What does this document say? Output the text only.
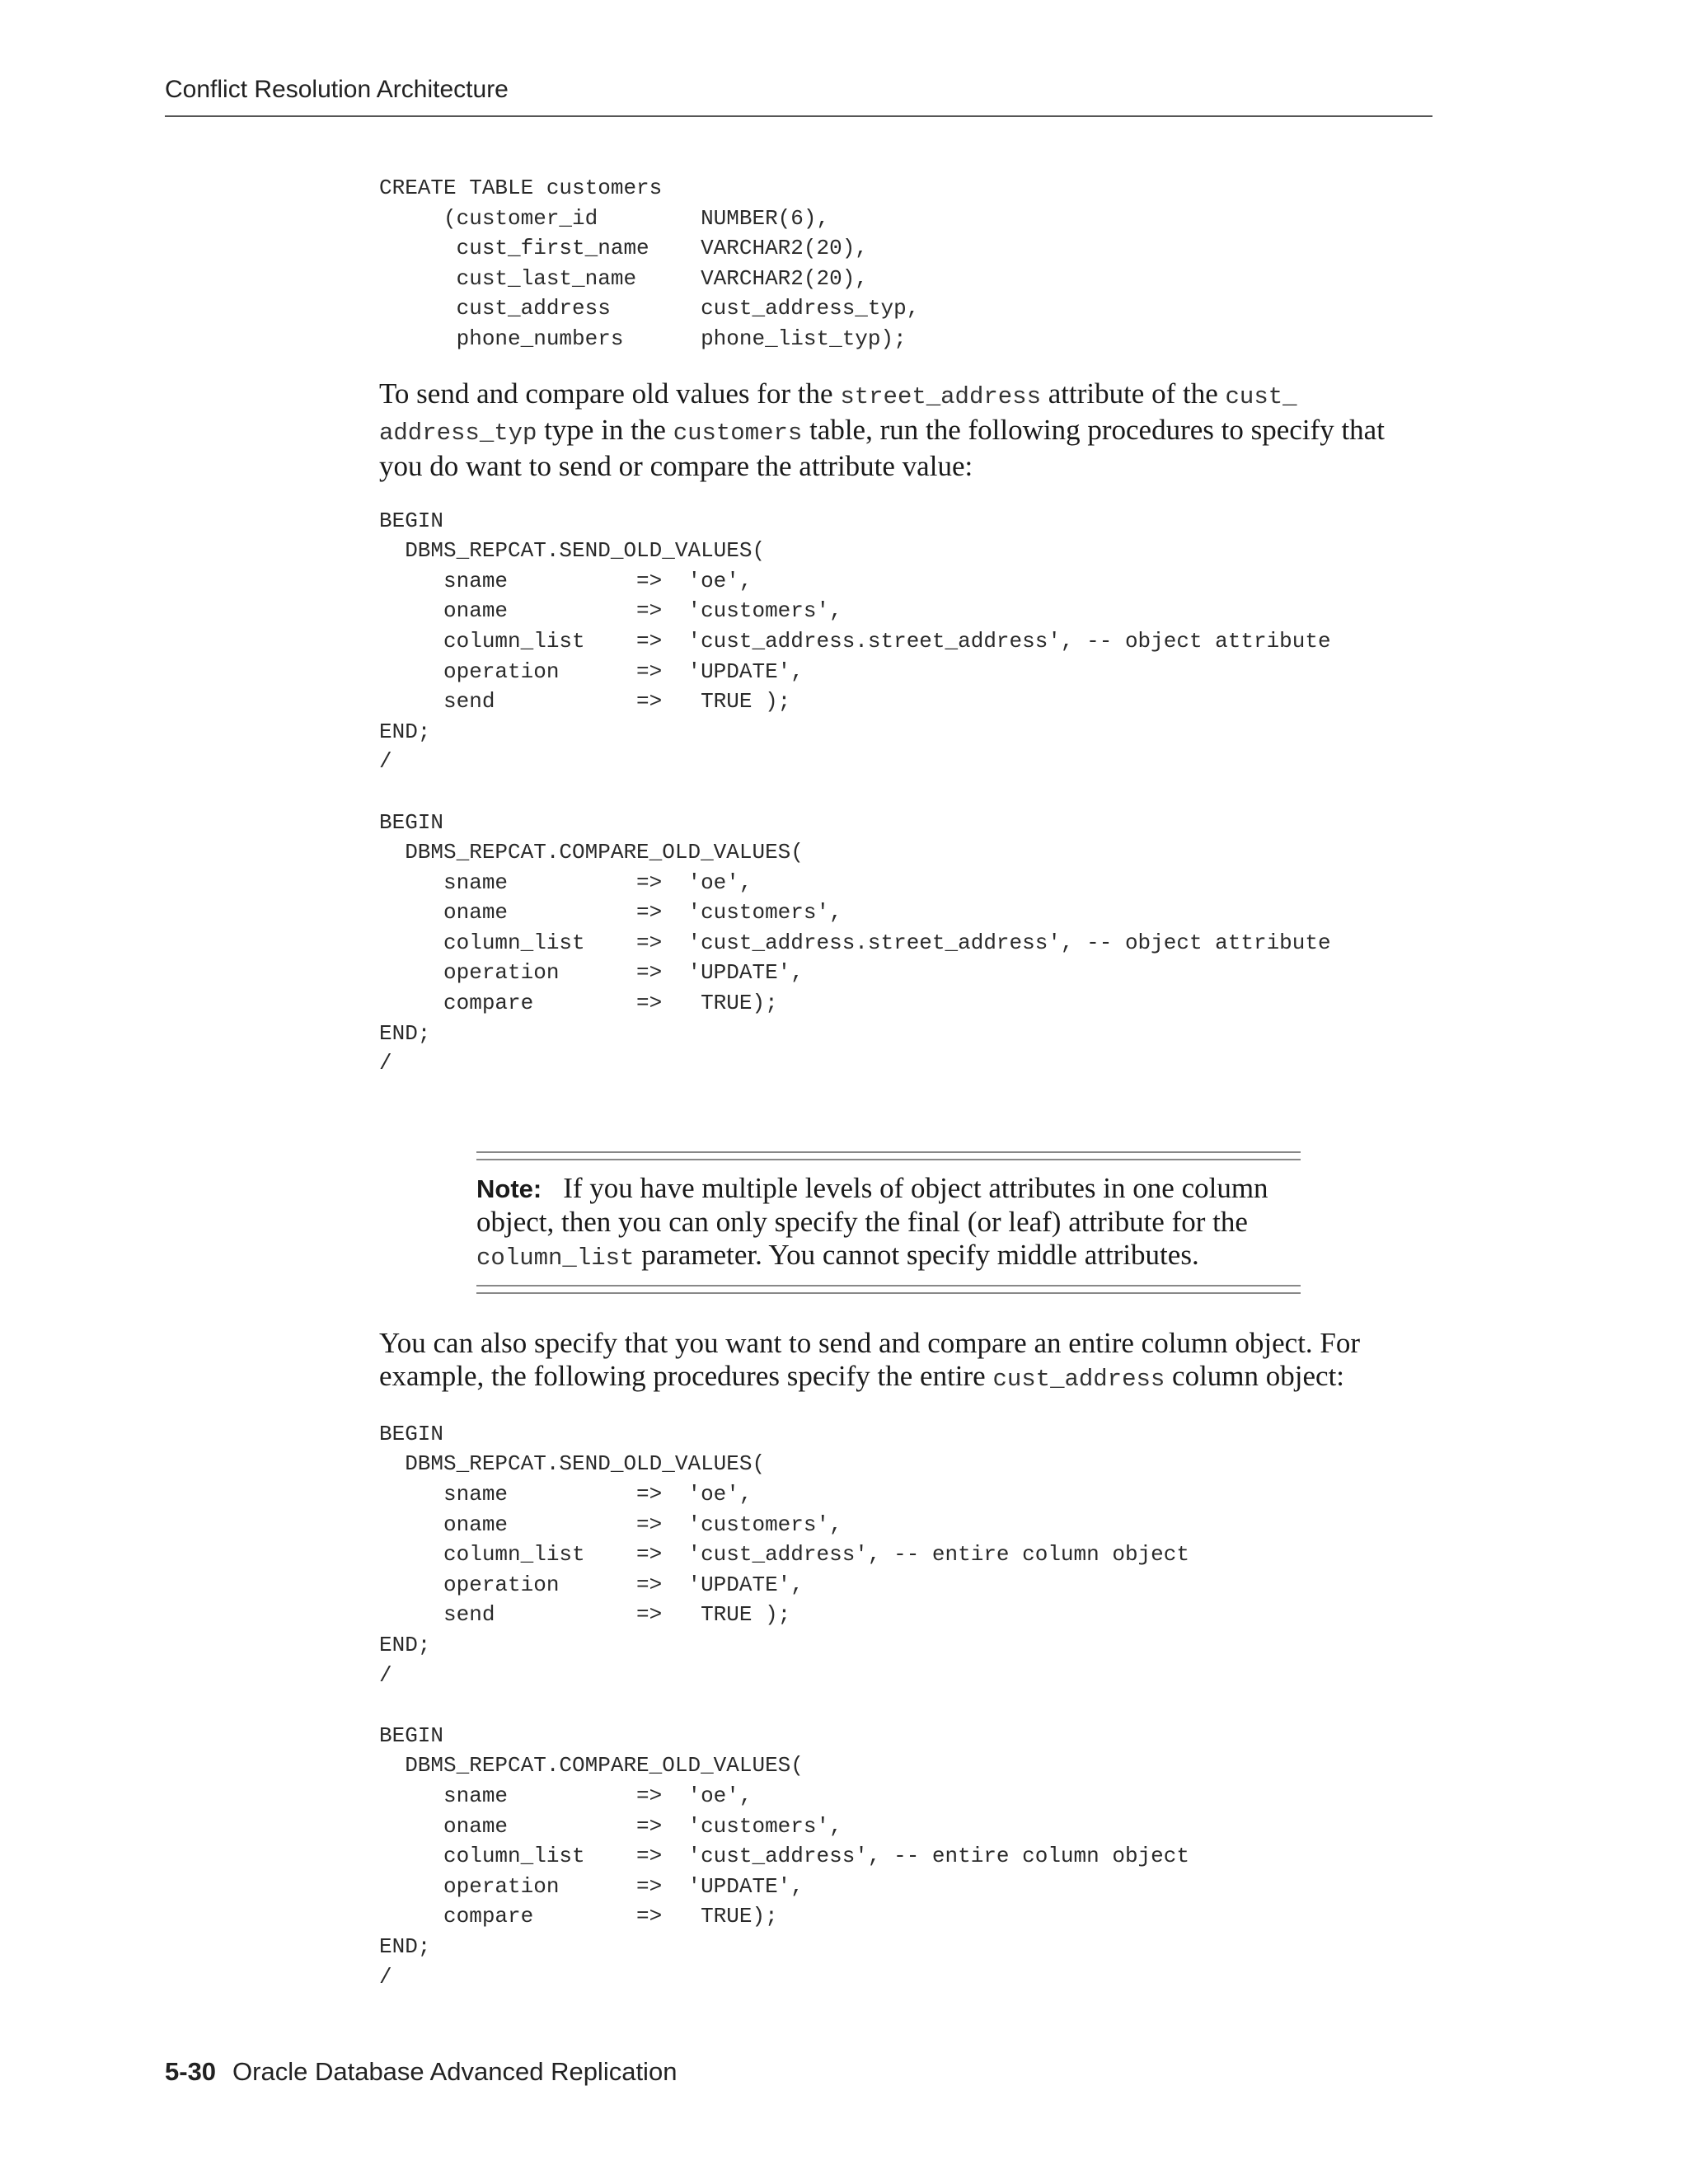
Conflict Resolution Architecture
CREATE TABLE customers
(customer_id        NUMBER(6),
cust_first_name    VARCHAR2(20),
cust_last_name     VARCHAR2(20),
cust_address       cust_address_typ,
phone_numbers      phone_list_typ);

To send and compare old values for the street_address attribute of the cust_
address_typ type in the customers table, run the following procedures to specify that you do want to send or compare the attribute value:

BEGIN
DBMS_REPCAT.SEND_OLD_VALUES(
sname          =>  'oe',
oname          =>  'customers',
column_list    =>  'cust_address.street_address', -- object attribute
operation      =>  'UPDATE',
send           =>   TRUE );
END;
/

BEGIN
DBMS_REPCAT.COMPARE_OLD_VALUES(
sname          =>  'oe',
oname          =>  'customers',
column_list    =>  'cust_address.street_address', -- object attribute
operation      =>  'UPDATE',
compare        =>   TRUE);
END;
/
Note: If you have multiple levels of object attributes in one column object, then you can only specify the final (or leaf) attribute for the column_list parameter. You cannot specify middle attributes.

You can also specify that you want to send and compare an entire column object. For example, the following procedures specify the entire cust_address column object:

BEGIN
DBMS_REPCAT.SEND_OLD_VALUES(
sname          =>  'oe',
oname          =>  'customers',
column_list    =>  'cust_address', -- entire column object
operation      =>  'UPDATE',
send           =>   TRUE );
END;
/

BEGIN
DBMS_REPCAT.COMPARE_OLD_VALUES(
sname          =>  'oe',
oname          =>  'customers',
column_list    =>  'cust_address', -- entire column object
operation      =>  'UPDATE',
compare        =>   TRUE);
END;
/
5-30 Oracle Database Advanced Replication
